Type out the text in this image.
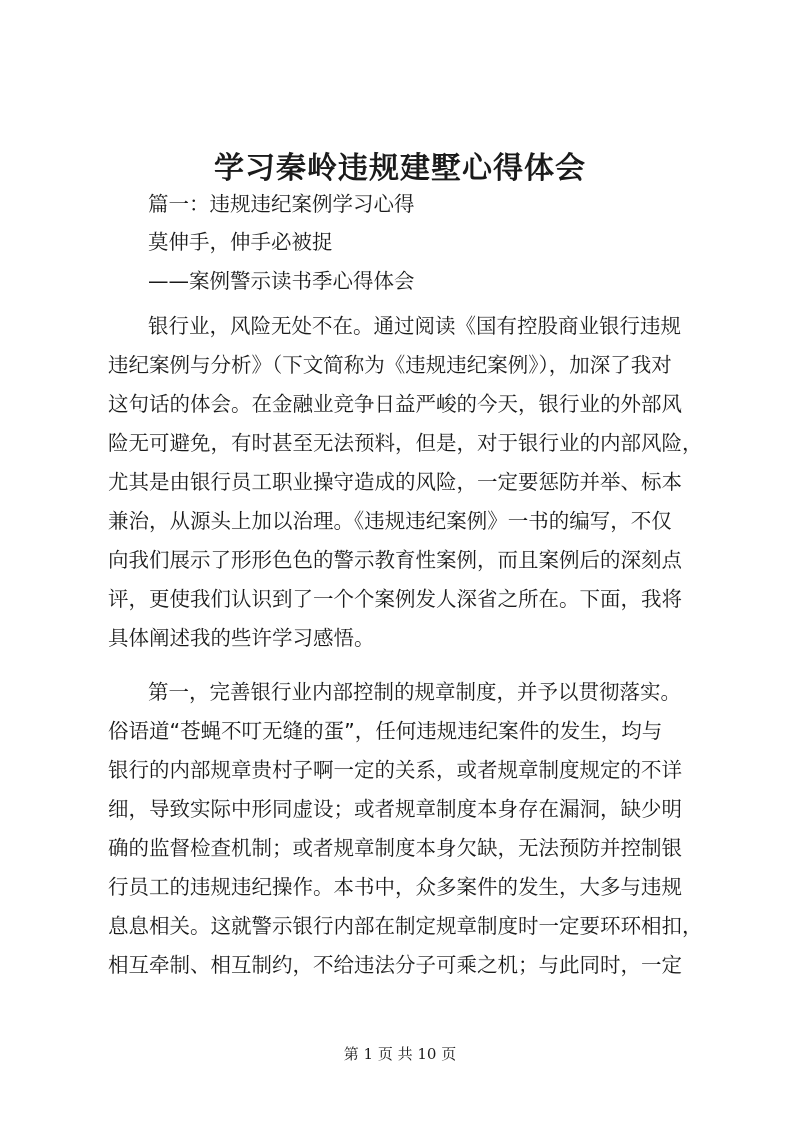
学习秦岭违规建墅心得体会

篇一：违规违纪案例学习心得

莫伸手，伸手必被捉

——案例警示读书季心得体会

银行业，风险无处不在。通过阅读《国有控股商业银行违规

违纪案例与分析》（下文简称为《违规违纪案例》），加深了我对

这句话的体会。在金融业竞争日益严峻的今天，银行业的外部风

险无可避免，有时甚至无法预料，但是，对于银行业的内部风险，

尤其是由银行员工职业操守造成的风险，一定要惩防并举、标本

兼治，从源头上加以治理。《违规违纪案例》一书的编写，不仅

向我们展示了形形色色的警示教育性案例，而且案例后的深刻点

评，更使我们认识到了一个个案例发人深省之所在。下面，我将

具体阐述我的些许学习感悟。

第一，完善银行业内部控制的规章制度，并予以贯彻落实。

俗语道“苍蝇不叮无缝的蛋”，任何违规违纪案件的发生，均与

银行的内部规章贵村子啊一定的关系，或者规章制度规定的不详

细，导致实际中形同虚设；或者规章制度本身存在漏洞，缺少明

确的监督检查机制；或者规章制度本身欠缺，无法预防并控制银

行员工的违规违纪操作。本书中，众多案件的发生，大多与违规

息息相关。这就警示银行内部在制定规章制度时一定要环环相扣，

相互牵制、相互制约，不给违法分子可乘之机；与此同时，一定

第 1 页 共 10 页
